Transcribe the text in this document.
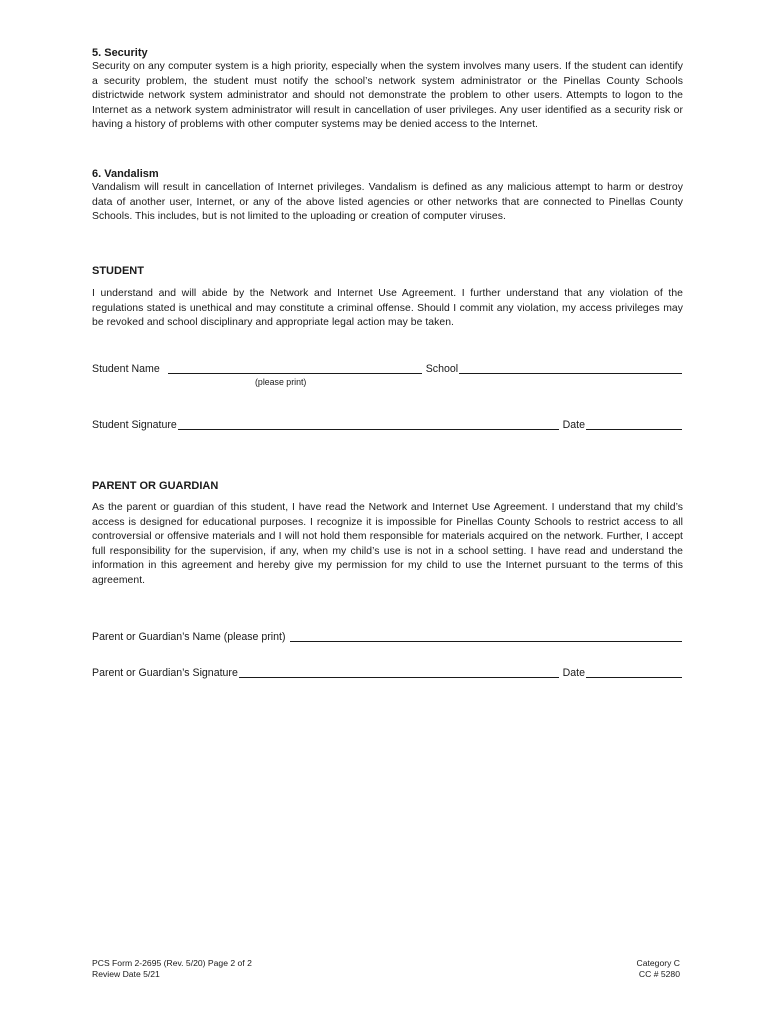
5. Security
Security on any computer system is a high priority, especially when the system involves many users. If the student can identify a security problem, the student must notify the school’s network system administrator or the Pinellas County Schools districtwide network system administrator and should not demonstrate the problem to other users. Attempts to logon to the Internet as a network system administrator will result in cancellation of user privileges. Any user identified as a security risk or having a history of problems with other computer systems may be denied access to the Internet.
6. Vandalism
Vandalism will result in cancellation of Internet privileges. Vandalism is defined as any malicious attempt to harm or destroy data of another user, Internet, or any of the above listed agencies or other networks that are connected to Pinellas County Schools. This includes, but is not limited to the uploading or creation of computer viruses.
STUDENT
I understand and will abide by the Network and Internet Use Agreement. I further understand that any violation of the regulations stated is unethical and may constitute a criminal offense. Should I commit any violation, my access privileges may be revoked and school disciplinary and appropriate legal action may be taken.
Student Name	School
(please print)
Student Signature	Date
PARENT OR GUARDIAN
As the parent or guardian of this student, I have read the Network and Internet Use Agreement. I understand that my child’s access is designed for educational purposes. I recognize it is impossible for Pinellas County Schools to restrict access to all controversial or offensive materials and I will not hold them responsible for materials acquired on the network. Further, I accept full responsibility for the supervision, if any, when my child’s use is not in a school setting. I have read and understand the information in this agreement and hereby give my permission for my child to use the Internet pursuant to the terms of this agreement.
Parent or Guardian’s Name (please print)
Parent or Guardian’s Signature	Date
PCS Form 2-2695 (Rev. 5/20) Page 2 of 2
Review Date 5/21
Category C
CC # 5280
